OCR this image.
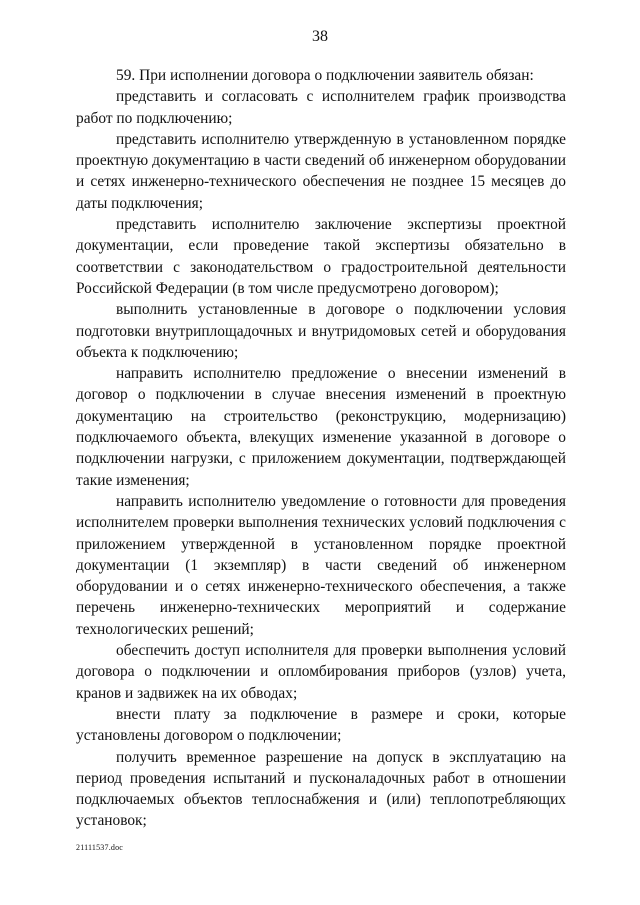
38

59. При исполнении договора о подключении заявитель обязан:

представить и согласовать с исполнителем график производства работ по подключению;

представить исполнителю утвержденную в установленном порядке проектную документацию в части сведений об инженерном оборудовании и сетях инженерно-технического обеспечения не позднее 15 месяцев до даты подключения;

представить исполнителю заключение экспертизы проектной документации, если проведение такой экспертизы обязательно в соответствии с законодательством о градостроительной деятельности Российской Федерации (в том числе предусмотрено договором);

выполнить установленные в договоре о подключении условия подготовки внутриплощадочных и внутридомовых сетей и оборудования объекта к подключению;

направить исполнителю предложение о внесении изменений в договор о подключении в случае внесения изменений в проектную документацию на строительство (реконструкцию, модернизацию) подключаемого объекта, влекущих изменение указанной в договоре о подключении нагрузки, с приложением документации, подтверждающей такие изменения;

направить исполнителю уведомление о готовности для проведения исполнителем проверки выполнения технических условий подключения с приложением утвержденной в установленном порядке проектной документации (1 экземпляр) в части сведений об инженерном оборудовании и о сетях инженерно-технического обеспечения, а также перечень инженерно-технических мероприятий и содержание технологических решений;

обеспечить доступ исполнителя для проверки выполнения условий договора о подключении и опломбирования приборов (узлов) учета, кранов и задвижек на их обводах;

внести плату за подключение в размере и сроки, которые установлены договором о подключении;

получить временное разрешение на допуск в эксплуатацию на период проведения испытаний и пусконаладочных работ в отношении подключаемых объектов теплоснабжения и (или) теплопотребляющих установок;

21111537.doc
